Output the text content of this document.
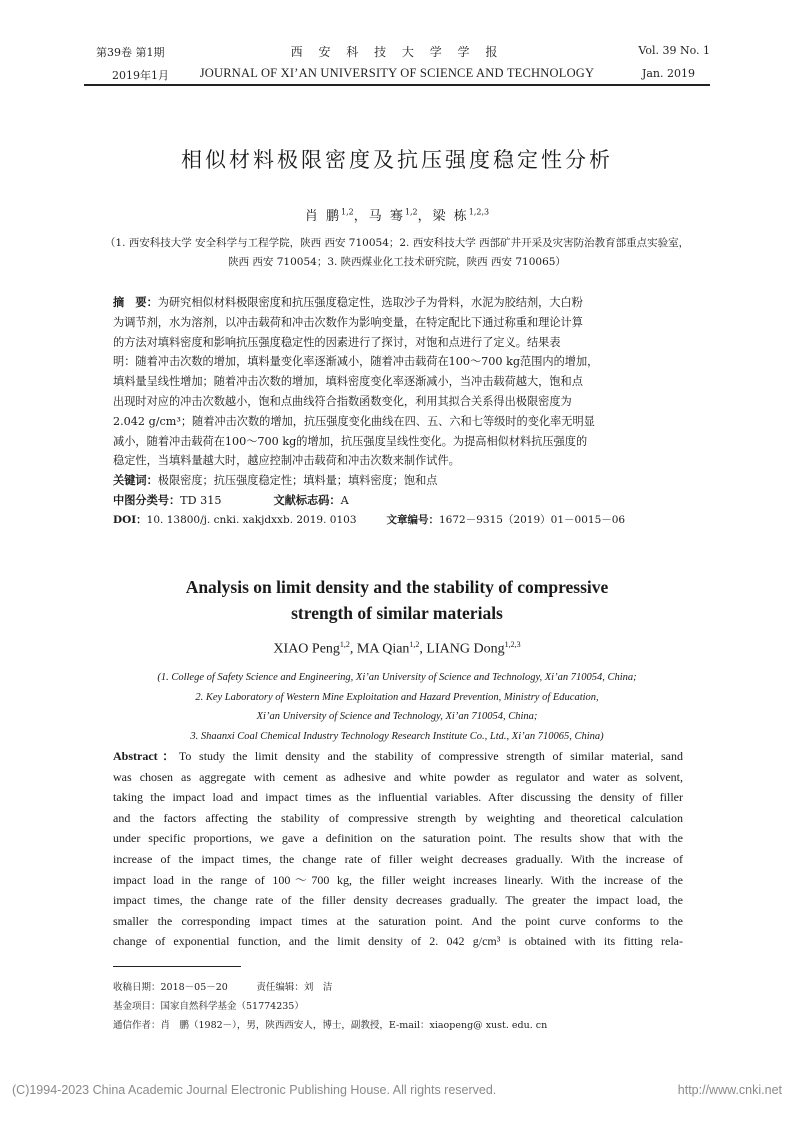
第39卷 第1期
2019年1月
西 安 科 技 大 学 学 报
JOURNAL OF XI’AN UNIVERSITY OF SCIENCE AND TECHNOLOGY
Vol. 39 No. 1
Jan. 2019
相似材料极限密度及抗压强度稳定性分析
肖 鹏$^{1,2}$，马 骞$^{1,2}$，梁 栋$^{1,2,3}$
（1. 西安科技大学 安全科学与工程学院，陕西 西安 710054；2. 西安科技大学 西部矿井开采及灾害防治教育部重点实验室，
陕西 西安 710054；3. 陕西煤业化工技术研究院，陕西 西安 710065）
摘　要：为研究相似材料极限密度和抗压强度稳定性，选取沙子为骨料，水泥为胶结剂，大白粉
为调节剂，水为溶剂，以冲击载荷和冲击次数作为影响变量，在特定配比下通过称重和理论计算
的方法对填料密度和影响抗压强度稳定性的因素进行了探讨，对饱和点进行了定义。结果表
明：随着冲击次数的增加，填料量变化率逐渐减小，随着冲击载荷在100～700 kg范围内的增加，
填料量呈线性增加；随着冲击次数的增加，填料密度变化率逐渐减小，当冲击载荷越大，饱和点
出现时对应的冲击次数越小，饱和点曲线符合指数函数变化，利用其拟合关系得出极限密度为
2.042 g/cm³；随着冲击次数的增加，抗压强度变化曲线在四、五、六和七等级时的变化率无明显
减小，随着冲击载荷在100～700 kg的增加，抗压强度呈线性变化。为提高相似材料抗压强度的
稳定性，当填料量越大时，越应控制冲击载荷和冲击次数来制作试件。
关键词：极限密度；抗压强度稳定性；填料量；填料密度；饱和点
中图分类号：TD 315	文献标志码：A
DOI：10. 13800/j. cnki. xakjdxxb. 2019. 0103	文章编号：1672－9315（2019）01－0015－06
Analysis on limit density and the stability of compressive
strength of similar materials
XIAO Peng$^{1,2}$, MA Qian$^{1,2}$, LIANG Dong$^{1,2,3}$
(1. College of Safety Science and Engineering, Xi’an University of Science and Technology, Xi’an 710054, China;
2. Key Laboratory of Western Mine Exploitation and Hazard Prevention, Ministry of Education,
Xi’an University of Science and Technology, Xi’an 710054, China;
3. Shaanxi Coal Chemical Industry Technology Research Institute Co., Ltd., Xi’an 710065, China)
Abstract：To study the limit density and the stability of compressive strength of similar material, sand
was chosen as aggregate with cement as adhesive and white powder as regulator and water as solvent,
taking the impact load and impact times as the influential variables. After discussing the density of filler
and the factors affecting the stability of compressive strength by weighting and theoretical calculation
under specific proportions, we gave a definition on the saturation point. The results show that with the
increase of the impact times, the change rate of filler weight decreases gradually. With the increase of
impact load in the range of 100～700 kg, the filler weight increases linearly. With the increase of the
impact times, the change rate of the filler density decreases gradually. The greater the impact load, the
smaller the corresponding impact times at the saturation point. And the point curve conforms to the
change of exponential function, and the limit density of 2. 042 g/cm³ is obtained with its fitting rela-
收稿日期：2018－05－20　　　责任编辑：刘　洁
基金项目：国家自然科学基金（51774235）
通信作者：肖　鹏（1982－），男，陕西西安人，博士，副教授，E-mail：xiaopeng@ xust. edu. cn
(C)1994-2023 China Academic Journal Electronic Publishing House. All rights reserved.	http://www.cnki.net
